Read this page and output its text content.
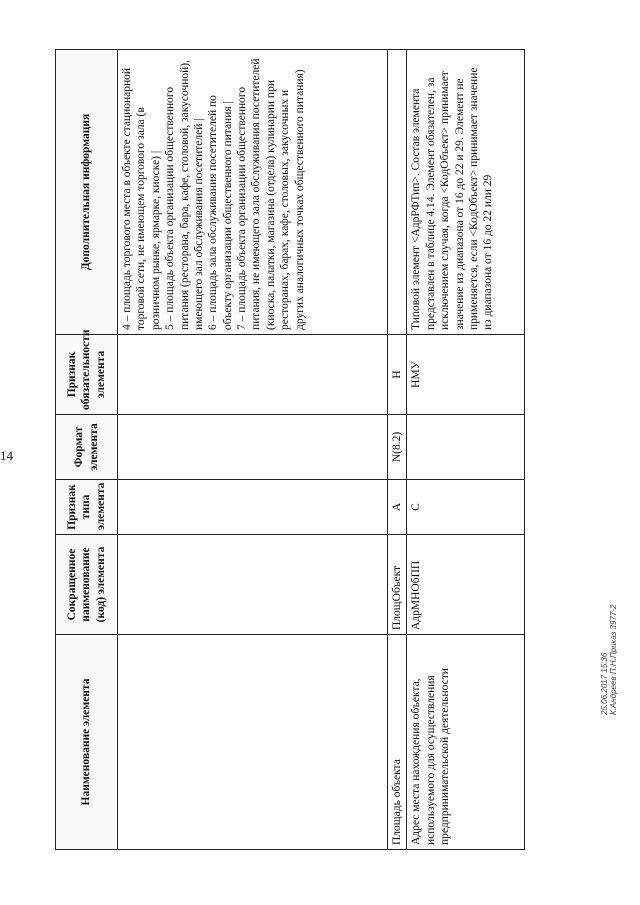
14
Наименование элемента	Сокращенное наименование (код) элемента	Признак типа элемента	Формат элемента	Признак обязательности элемента	Дополнительная информация

					4 – площадь торгового места в объекте стационарной торговой сети, не имеющем торгового зала (в розничном рынке, ярмарке, киоске) | 5 – площадь объекта организации общественного питания (ресторана, бара, кафе, столовой, закусочной), имеющего зал обслуживания посетителей | 6 – площадь зала обслуживания посетителей по объекту организации общественного питания | 7 – площадь объекта организации общественного питания, не имеющего зала обслуживания посетителей (киоска, палатки, магазина (отдела) кулинарии при ресторанах, барах, кафе, столовых, закусочных и других аналогичных точках общественного питания)

Площадь объекта	ПлощОбъект	А	N(8.2)	Н	
Адрес места нахождения объекта, используемого для осуществления предпринимательской деятельности	АдрМНОбПП	С		НМУ	Типовой элемент <АдрРФТип>. Состав элемента представлен в таблице 4.14. Элемент обязателен, за исключением случая, когда <КодОбъект> принимает значение из диапазона от 16 до 22 и 29. Элемент не применяется, если <КодОбъект> принимает значение из диапазона от 16 до 22 или 29
25.06.2017 15:36 К.Андреев П.Н.Приказ 3977-2
